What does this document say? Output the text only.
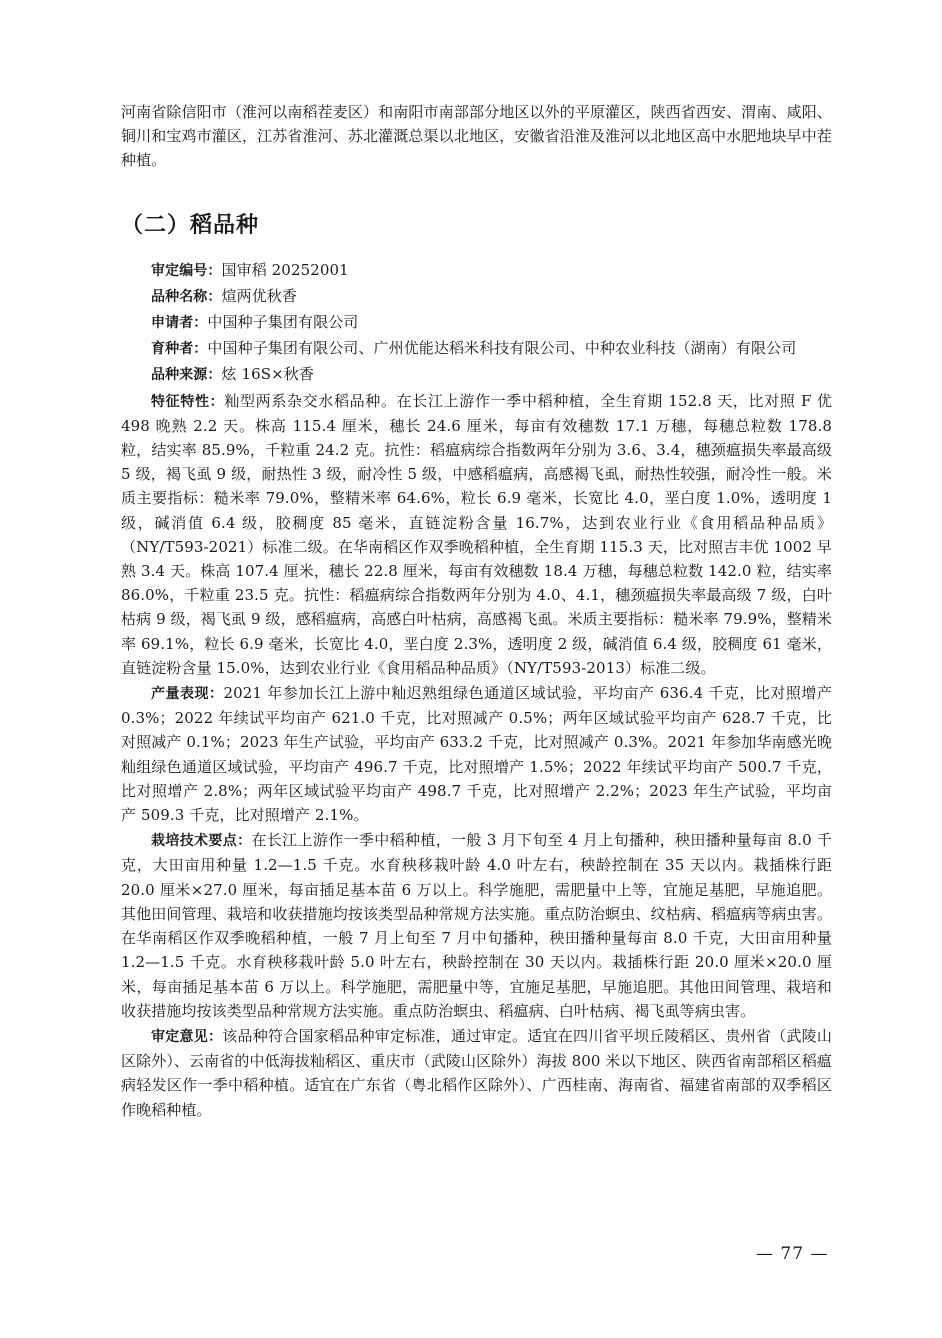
河南省除信阳市（淮河以南稻茬麦区）和南阳市南部部分地区以外的平原灌区，陕西省西安、渭南、咸阳、铜川和宝鸡市灌区，江苏省淮河、苏北灌溉总渠以北地区，安徽省沿淮及淮河以北地区高中水肥地块早中茬种植。

（二）稻品种

审定编号：国审稻 20252001

品种名称：煊两优秋香

申请者：中国种子集团有限公司

育种者：中国种子集团有限公司、广州优能达稻米科技有限公司、中种农业科技（湖南）有限公司

品种来源：炫 16S×秋香

特征特性：籼型两系杂交水稻品种。在长江上游作一季中稻种植，全生育期 152.8 天，比对照 F 优 498 晚熟 2.2 天。株高 115.4 厘米，穗长 24.6 厘米，每亩有效穗数 17.1 万穗，每穗总粒数 178.8 粒，结实率 85.9%，千粒重 24.2 克。抗性：稻瘟病综合指数两年分别为 3.6、3.4，穗颈瘟损失率最高级 5 级，褐飞虱 9 级，耐热性 3 级，耐冷性 5 级，中感稻瘟病，高感褐飞虱，耐热性较强，耐冷性一般。米质主要指标：糙米率 79.0%，整精米率 64.6%，粒长 6.9 毫米，长宽比 4.0，垩白度 1.0%，透明度 1 级，碱消值 6.4 级，胶稠度 85 毫米，直链淀粉含量 16.7%，达到农业行业《食用稻品种品质》（NY/T593-2021）标准二级。在华南稻区作双季晚稻种植，全生育期 115.3 天，比对照吉丰优 1002 早熟 3.4 天。株高 107.4 厘米，穗长 22.8 厘米，每亩有效穗数 18.4 万穗，每穗总粒数 142.0 粒，结实率 86.0%，千粒重 23.5 克。抗性：稻瘟病综合指数两年分别为 4.0、4.1，穗颈瘟损失率最高级 7 级，白叶枯病 9 级，褐飞虱 9 级，感稻瘟病，高感白叶枯病，高感褐飞虱。米质主要指标：糙米率 79.9%，整精米率 69.1%，粒长 6.9 毫米，长宽比 4.0，垩白度 2.3%，透明度 2 级，碱消值 6.4 级，胶稠度 61 毫米，直链淀粉含量 15.0%，达到农业行业《食用稻品种品质》（NY/T593-2013）标准二级。

产量表现：2021 年参加长江上游中籼迟熟组绿色通道区域试验，平均亩产 636.4 千克，比对照增产 0.3%；2022 年续试平均亩产 621.0 千克，比对照减产 0.5%；两年区域试验平均亩产 628.7 千克，比对照减产 0.1%；2023 年生产试验，平均亩产 633.2 千克，比对照减产 0.3%。2021 年参加华南感光晚籼组绿色通道区域试验，平均亩产 496.7 千克，比对照增产 1.5%；2022 年续试平均亩产 500.7 千克，比对照增产 2.8%；两年区域试验平均亩产 498.7 千克，比对照增产 2.2%；2023 年生产试验，平均亩产 509.3 千克，比对照增产 2.1%。

栽培技术要点：在长江上游作一季中稻种植，一般 3 月下旬至 4 月上旬播种，秧田播种量每亩 8.0 千克，大田亩用种量 1.2—1.5 千克。水育秧移栽叶龄 4.0 叶左右，秧龄控制在 35 天以内。栽插株行距 20.0 厘米×27.0 厘米，每亩插足基本苗 6 万以上。科学施肥，需肥量中上等，宜施足基肥，早施追肥。其他田间管理、栽培和收获措施均按该类型品种常规方法实施。重点防治螟虫、纹枯病、稻瘟病等病虫害。在华南稻区作双季晚稻种植，一般 7 月上旬至 7 月中旬播种，秧田播种量每亩 8.0 千克，大田亩用种量 1.2—1.5 千克。水育秧移栽叶龄 5.0 叶左右，秧龄控制在 30 天以内。栽插株行距 20.0 厘米×20.0 厘米，每亩插足基本苗 6 万以上。科学施肥，需肥量中等，宜施足基肥，早施追肥。其他田间管理、栽培和收获措施均按该类型品种常规方法实施。重点防治螟虫、稻瘟病、白叶枯病、褐飞虱等病虫害。

审定意见：该品种符合国家稻品种审定标准，通过审定。适宜在四川省平坝丘陵稻区、贵州省（武陵山区除外）、云南省的中低海拔籼稻区、重庆市（武陵山区除外）海拔 800 米以下地区、陕西省南部稻区稻瘟病轻发区作一季中稻种植。适宜在广东省（粤北稻作区除外）、广西桂南、海南省、福建省南部的双季稻区作晚稻种植。

— 77 —
